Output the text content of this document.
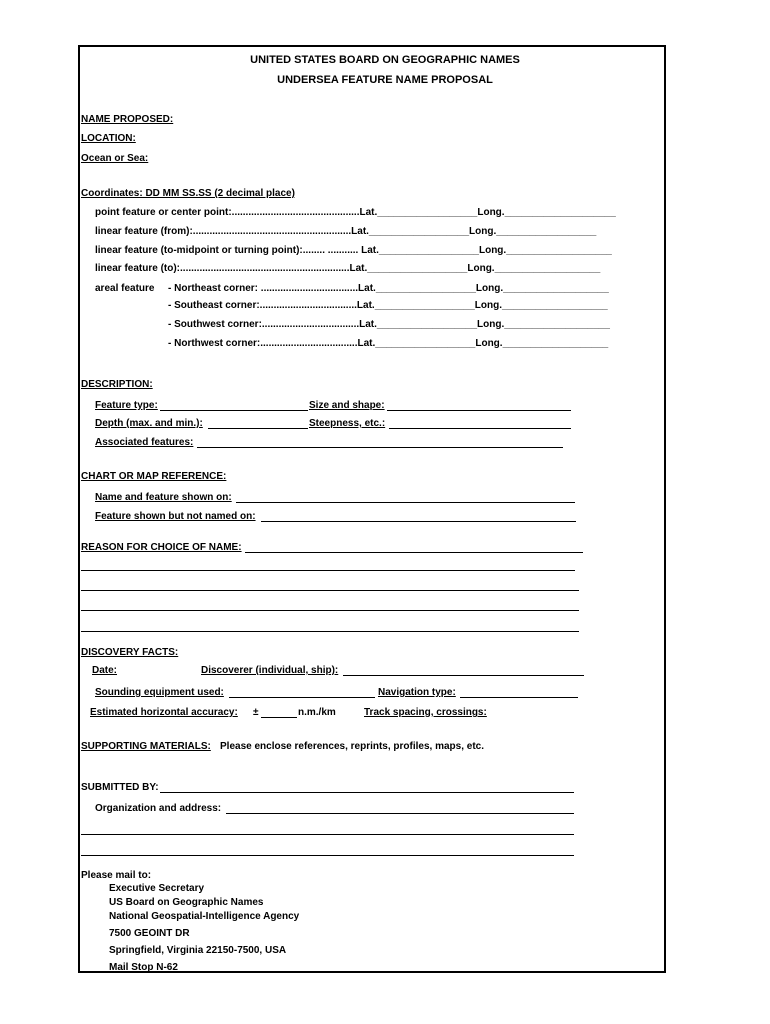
UNITED STATES BOARD ON GEOGRAPHIC NAMES
UNDERSEA FEATURE NAME PROPOSAL
NAME PROPOSED:
LOCATION:
Ocean or Sea:
Coordinates: DD MM SS.SS (2 decimal place)
point feature or center point:..............................................Lat.__________________Long.____________________
linear feature (from):.........................................................Lat.__________________Long.__________________
linear feature (to-midpoint or turning point):........ ........... Lat.__________________Long.___________________
linear feature (to):.............................................................Lat.__________________Long.___________________
areal feature - Northeast corner: ...................................Lat.__________________Long.___________________
- Southeast corner:...................................Lat.__________________Long.___________________
- Southwest corner:...................................Lat.__________________Long.___________________
- Northwest corner:...................................Lat.__________________Long.___________________
DESCRIPTION:
Feature type:	Size and shape:
Depth (max. and min.):	Steepness, etc.:
Associated features:
CHART OR MAP REFERENCE:
Name and feature shown on:
Feature shown but not named on:
REASON FOR CHOICE OF NAME:
DISCOVERY FACTS:
Date:	Discoverer (individual, ship):
Sounding equipment used:	Navigation type:
Estimated horizontal accuracy: ±	n.m./km	Track spacing, crossings:
SUPPORTING MATERIALS: Please enclose references, reprints, profiles, maps, etc.
SUBMITTED BY:
Organization and address:
Please mail to:
Executive Secretary
US Board on Geographic Names
National Geospatial-Intelligence Agency
7500 GEOINT DR
Springfield, Virginia 22150-7500, USA
Mail Stop N-62
